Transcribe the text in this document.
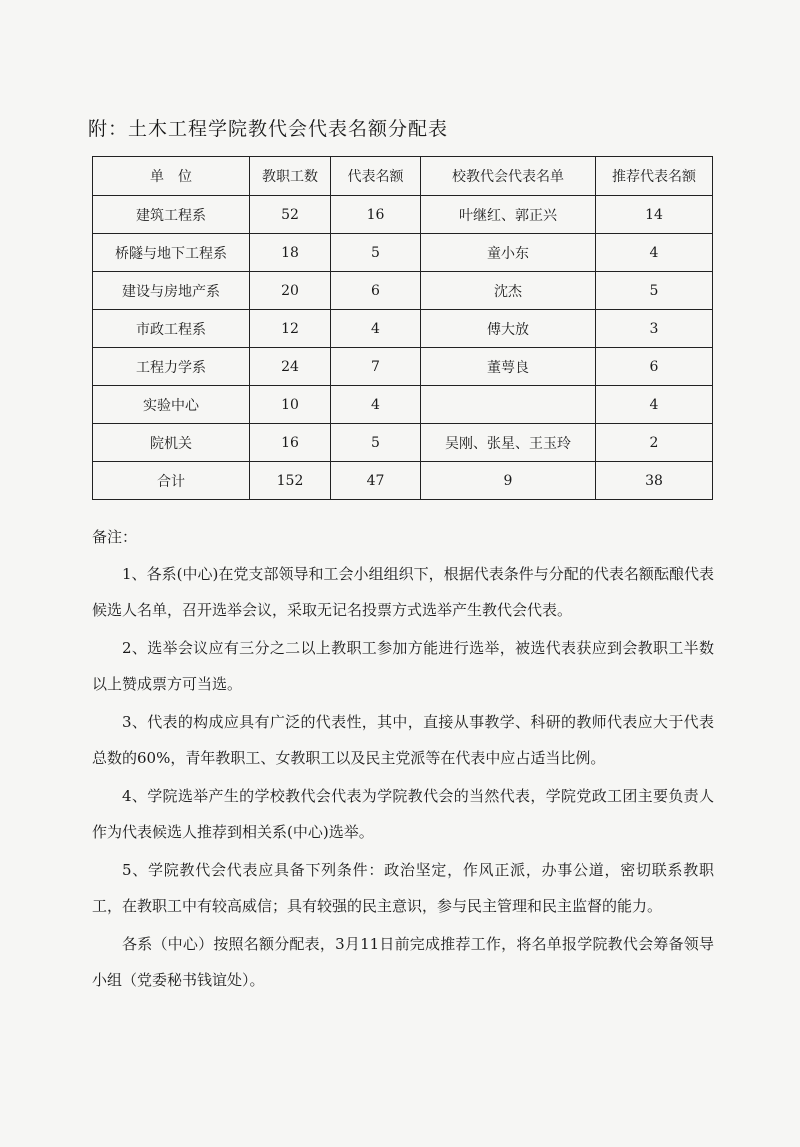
附：土木工程学院教代会代表名额分配表
单　位	教职工数	代表名额	校教代会代表名单	推荐代表名额
建筑工程系	52	16	叶继红、郭正兴	14
桥隧与地下工程系	18	5	童小东	4
建设与房地产系	20	6	沈杰	5
市政工程系	12	4	傅大放	3
工程力学系	24	7	董萼良	6
实验中心	10	4		4
院机关	16	5	吴刚、张星、王玉玲	2
合计	152	47	9	38
备注：

1、各系(中心)在党支部领导和工会小组组织下，根据代表条件与分配的代表名额酝酿代表候选人名单，召开选举会议，采取无记名投票方式选举产生教代会代表。

2、选举会议应有三分之二以上教职工参加方能进行选举，被选代表获应到会教职工半数以上赞成票方可当选。

3、代表的构成应具有广泛的代表性，其中，直接从事教学、科研的教师代表应大于代表总数的60%，青年教职工、女教职工以及民主党派等在代表中应占适当比例。

4、学院选举产生的学校教代会代表为学院教代会的当然代表，学院党政工团主要负责人作为代表候选人推荐到相关系(中心)选举。

5、学院教代会代表应具备下列条件：政治坚定，作风正派，办事公道，密切联系教职工，在教职工中有较高威信；具有较强的民主意识，参与民主管理和民主监督的能力。

各系（中心）按照名额分配表，3月11日前完成推荐工作，将名单报学院教代会筹备领导小组（党委秘书钱谊处）。
